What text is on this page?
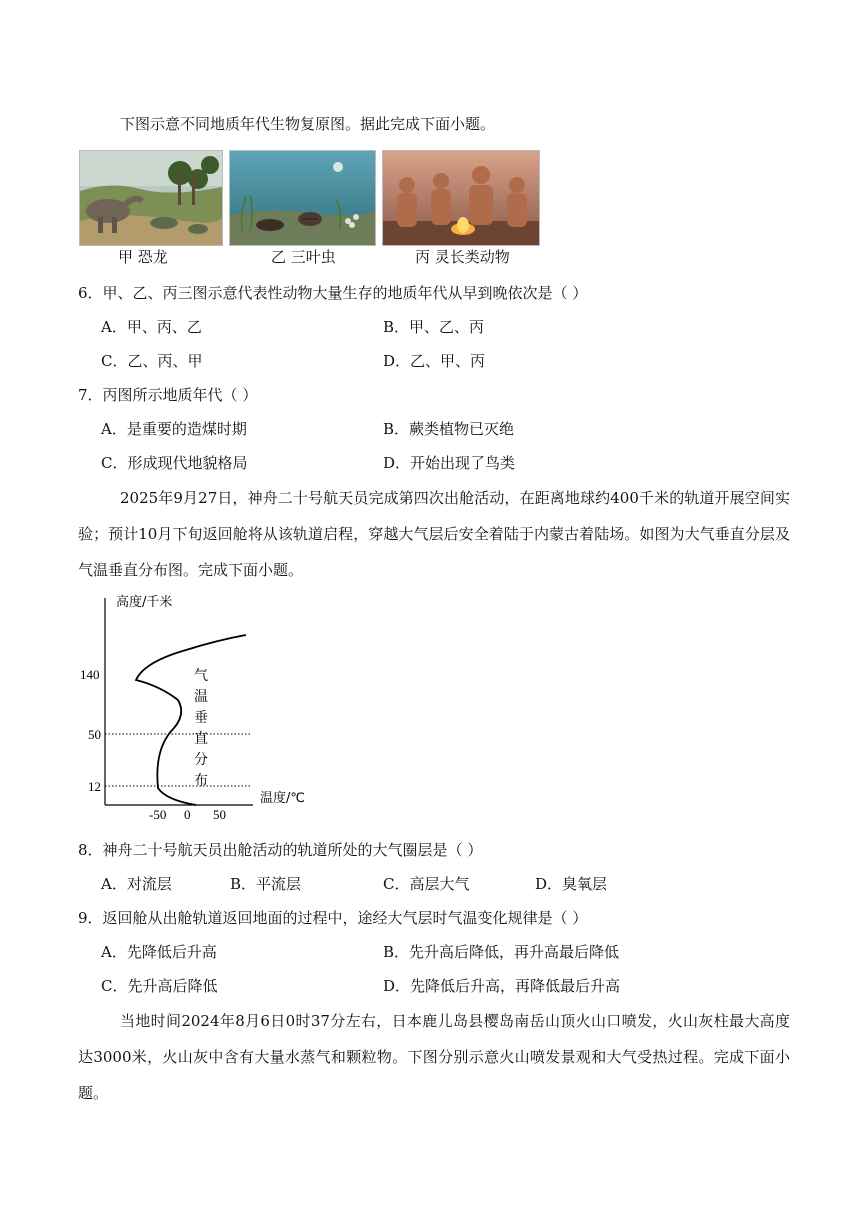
下图示意不同地质年代生物复原图。据此完成下面小题。
甲 恐龙	乙 三叶虫	丙 灵长类动物
6．甲、乙、丙三图示意代表性动物大量生存的地质年代从早到晚依次是（ ）
A．甲、丙、乙	B．甲、乙、丙
C．乙、丙、甲	D．乙、甲、丙
7．丙图所示地质年代（ ）
A．是重要的造煤时期	B．蕨类植物已灭绝
C．形成现代地貌格局	D．开始出现了鸟类
2025年9月27日，神舟二十号航天员完成第四次出舱活动，在距离地球约400千米的轨道开展空间实验；预计10月下旬返回舱将从该轨道启程，穿越大气层后安全着陆于内蒙古着陆场。如图为大气垂直分层及气温垂直分布图。完成下面小题。
140
50
12
-50 0 50
高度/千米
温度/℃
气
温
垂
直
分
布
8．神舟二十号航天员出舱活动的轨道所处的大气圈层是（ ）
A．对流层	B．平流层	C．高层大气	D．臭氧层
9．返回舱从出舱轨道返回地面的过程中，途经大气层时气温变化规律是（ ）
A．先降低后升高	B．先升高后降低，再升高最后降低
C．先升高后降低	D．先降低后升高，再降低最后升高
当地时间2024年8月6日0时37分左右，日本鹿儿岛县樱岛南岳山顶火山口喷发，火山灰柱最大高度达3000米，火山灰中含有大量水蒸气和颗粒物。下图分别示意火山喷发景观和大气受热过程。完成下面小题。
